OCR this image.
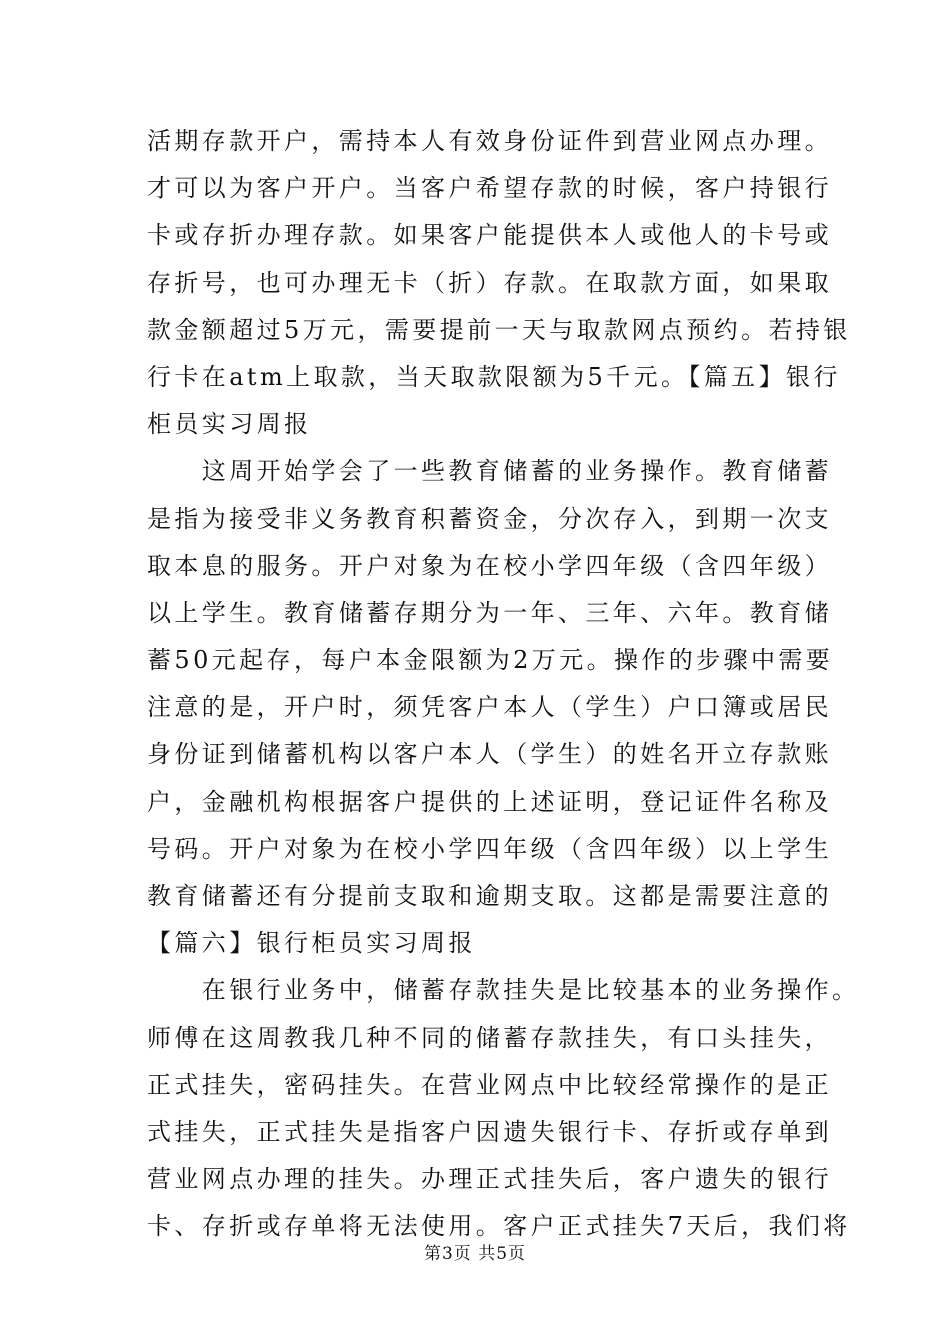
活期存款开户，需持本人有效身份证件到营业网点办理。
才可以为客户开户。当客户希望存款的时候，客户持银行
卡或存折办理存款。如果客户能提供本人或他人的卡号或
存折号，也可办理无卡（折）存款。在取款方面，如果取
款金额超过5万元，需要提前一天与取款网点预约。若持银
行卡在atm上取款，当天取款限额为5千元。【篇五】银行
柜员实习周报
　　这周开始学会了一些教育储蓄的业务操作。教育储蓄
是指为接受非义务教育积蓄资金，分次存入，到期一次支
取本息的服务。开户对象为在校小学四年级（含四年级）
以上学生。教育储蓄存期分为一年、三年、六年。教育储
蓄50元起存，每户本金限额为2万元。操作的步骤中需要
注意的是，开户时，须凭客户本人（学生）户口簿或居民
身份证到储蓄机构以客户本人（学生）的姓名开立存款账
户，金融机构根据客户提供的上述证明，登记证件名称及
号码。开户对象为在校小学四年级（含四年级）以上学生
教育储蓄还有分提前支取和逾期支取。这都是需要注意的
【篇六】银行柜员实习周报
　　在银行业务中，储蓄存款挂失是比较基本的业务操作。
师傅在这周教我几种不同的储蓄存款挂失，有口头挂失，
正式挂失，密码挂失。在营业网点中比较经常操作的是正
式挂失，正式挂失是指客户因遗失银行卡、存折或存单到
营业网点办理的挂失。办理正式挂失后，客户遗失的银行
卡、存折或存单将无法使用。客户正式挂失7天后，我们将
第3页 共5页
